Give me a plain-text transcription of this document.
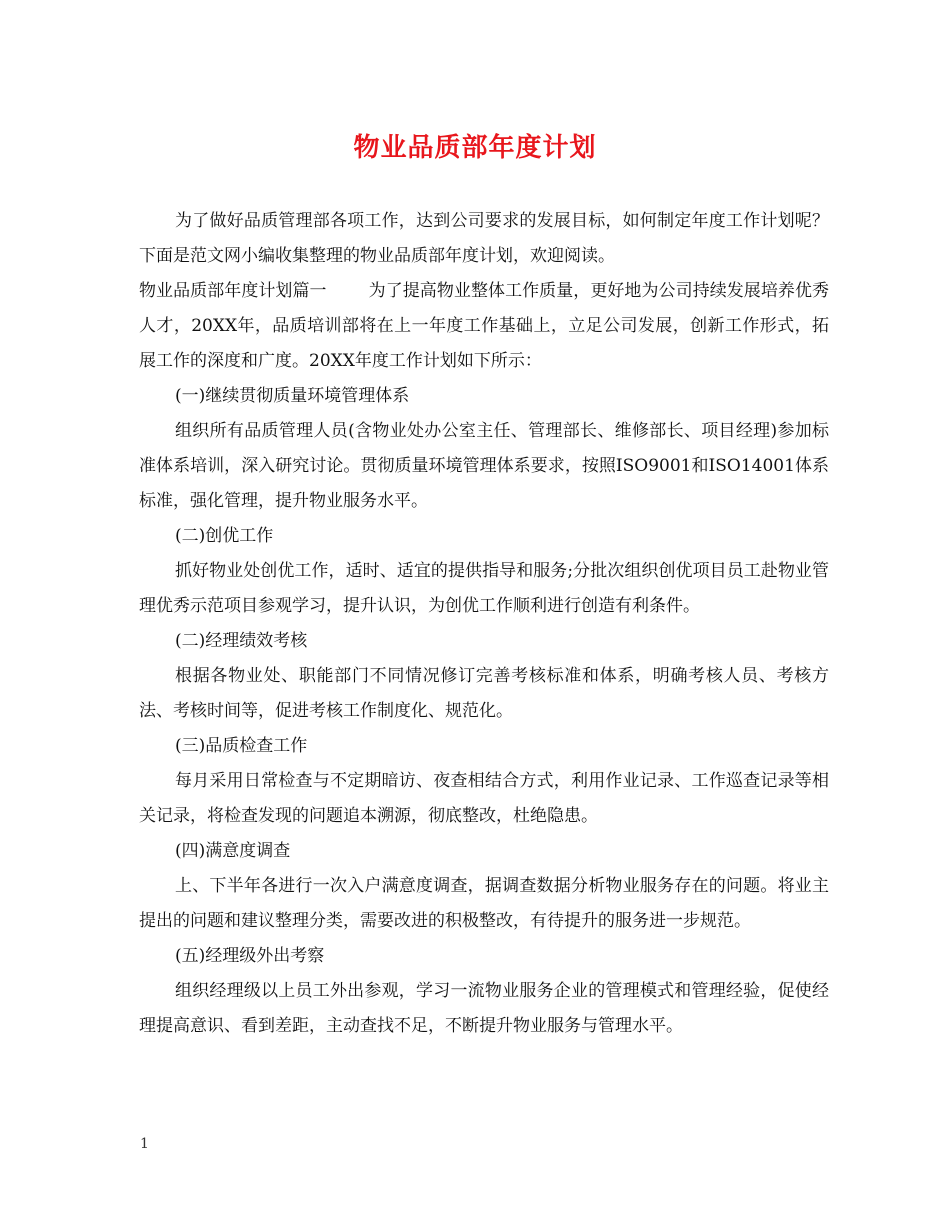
物业品质部年度计划

为了做好品质管理部各项工作，达到公司要求的发展目标，如何制定年度工作计划呢？下面是范文网小编收集整理的物业品质部年度计划，欢迎阅读。

物业品质部年度计划篇一 为了提高物业整体工作质量，更好地为公司持续发展培养优秀人才，20XX年，品质培训部将在上一年度工作基础上，立足公司发展，创新工作形式，拓展工作的深度和广度。20XX年度工作计划如下所示：

(一)继续贯彻质量环境管理体系

组织所有品质管理人员(含物业处办公室主任、管理部长、维修部长、项目经理)参加标准体系培训，深入研究讨论。贯彻质量环境管理体系要求，按照ISO9001和ISO14001体系标准，强化管理，提升物业服务水平。

(二)创优工作

抓好物业处创优工作，适时、适宜的提供指导和服务;分批次组织创优项目员工赴物业管理优秀示范项目参观学习，提升认识，为创优工作顺利进行创造有利条件。

(二)经理绩效考核

根据各物业处、职能部门不同情况修订完善考核标准和体系，明确考核人员、考核方法、考核时间等，促进考核工作制度化、规范化。

(三)品质检查工作

每月采用日常检查与不定期暗访、夜查相结合方式，利用作业记录、工作巡查记录等相关记录，将检查发现的问题追本溯源，彻底整改，杜绝隐患。

(四)满意度调查

上、下半年各进行一次入户满意度调查，据调查数据分析物业服务存在的问题。将业主提出的问题和建议整理分类，需要改进的积极整改，有待提升的服务进一步规范。

(五)经理级外出考察

组织经理级以上员工外出参观，学习一流物业服务企业的管理模式和管理经验，促使经理提高意识、看到差距，主动查找不足，不断提升物业服务与管理水平。

1
